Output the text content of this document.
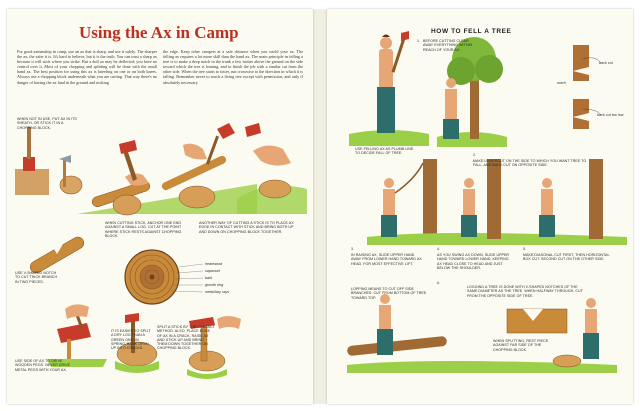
Using the Ax in Camp

For good axmanship in camp, use an ax that is sharp, and use it safely. The sharper the ax, the safer it is. It's hard to believe, but it is the truth. You can trust a sharp ax because it will stick where you strike. But a dull ax may be deflected; you have no control over it. Most of your chopping and splitting will be done with the small hand ax. The best position for using this ax is kneeling on one or on both knees. Always use a chopping block underneath what you are cutting. That way there's no danger of having the ax land in the ground and nicking

the edge. Keep other campers at a safe distance when you wield your ax. The felling ax requires a lot more skill than the hand ax. The main principle in felling a tree is to make a deep notch in the trunk a few inches above the ground on the side toward which the tree is leaning, and to finish the job with a similar cut from the other side. When the tree starts to totter, run crosswise to the direction in which it is falling. Remember never to touch a living tree except with permission, and only if absolutely necessary.

WHEN NOT IN USE, PUT AX IN ITS SHEATH, OR STICK IT IN A CHOPPING BLOCK.

WHEN CUTTING STICK, ANCHOR ONE END AGAINST A SMALL LOG, CUT AT THE POINT WHERE STICK RESTS AGAINST CHOPPING BLOCK.

ANOTHER WAY OF CUTTING A STICK IS TO PLACE AX EDGE IN CONTACT WITH STICK AND BRING BOTH UP AND DOWN ON CHOPPING BLOCK TOGETHER.

USE V-SHAPED NOTCH TO CUT THICK BRANCH IN TWO PIECES.

USE SIDE OF AX TO DRIVE WOODEN PEGS. NEVER DRIVE METAL PEGS WITH YOUR AX.

IT IS EASIER TO SPLIT A DRY LOG THAN A GREEN ONE. IN SPRING, BARK OPEN UP INTO CRACKS.

SPLIT A STICK BY THE CONTACT METHOD. ALSO, PLACE EDGE OF AX IN A CRACK, RAISE AX AND STICK UP AND BRING THEM DOWN TOGETHER ON CHOPPING BLOCK.

heartwood
sapwood
bark
growth ring
medullary rays
HOW TO FELL A TREE
1. BEFORE CUTTING CLEAR AWAY EVERYTHING WITHIN REACH OF YOUR AX.

USE FELLING AX AS PLUMB LINE TO DECIDE FALL OF TREE.

back cut
notch
back cut too low
2.

MAKE UNDERCUT ON THE SIDE TO WHICH YOU WANT TREE TO FALL, AND BACK CUT ON OPPOSITE SIDE.

3.

IN RAISING AX, SLIDE UPPER HAND AWAY FROM LOWER HAND TOWARD AX HEAD, FOR MOST EFFECTIVE LIFT.

4.

AS YOU SWING AX DOWN, SLIDE UPPER HAND TOWARD LOWER HAND, KEEPING AX HEAD CLOSE TO HEAD AND JUST BELOW THE SHOULDER.

5.

MAKE DIAGONAL CUT FIRST, THEN HORIZONTAL BOX CUT. SECOND CUT ON THE OTHER SIDE.

6.

LOPPING MEANS TO CUT OFF SIDE BRANCHES. CUT FROM BOTTOM OF TREE TOWARD TOP.

LOGGING A TREE IS DONE WITH V-SHAPED NOTCHES OF THE SAME DIAMETER AS THE TREE. WHEN HALFWAY THROUGH, CUT FROM THE OPPOSITE SIDE OF TREE.

WHEN SPLITTING, REST PIECE AGAINST FAR SIDE OF THE CHOPPING BLOCK.
